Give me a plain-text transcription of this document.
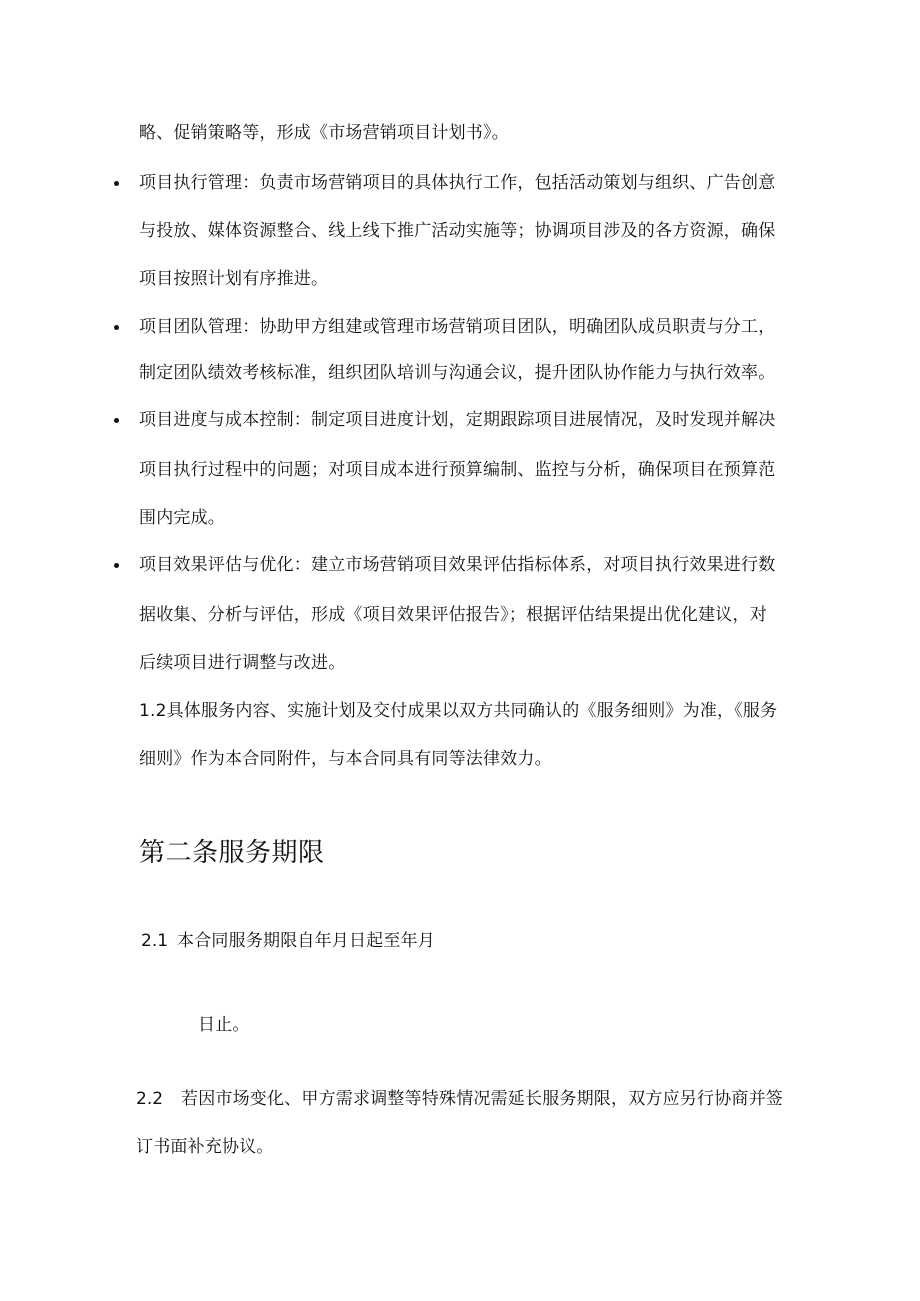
略、促销策略等，形成《市场营销项目计划书》。
项目执行管理：负责市场营销项目的具体执行工作，包括活动策划与组织、广告创意
与投放、媒体资源整合、线上线下推广活动实施等；协调项目涉及的各方资源，确保
项目按照计划有序推进。
项目团队管理：协助甲方组建或管理市场营销项目团队，明确团队成员职责与分工，
制定团队绩效考核标准，组织团队培训与沟通会议，提升团队协作能力与执行效率。
项目进度与成本控制：制定项目进度计划，定期跟踪项目进展情况，及时发现并解决
项目执行过程中的问题；对项目成本进行预算编制、监控与分析，确保项目在预算范
围内完成。
项目效果评估与优化：建立市场营销项目效果评估指标体系，对项目执行效果进行数
据收集、分析与评估，形成《项目效果评估报告》；根据评估结果提出优化建议，对
后续项目进行调整与改进。
1.2具体服务内容、实施计划及交付成果以双方共同确认的《服务细则》为准，《服务
细则》作为本合同附件，与本合同具有同等法律效力。
第二条服务期限
2.1 本合同服务期限自年月日起至年月
日止。
2.2 若因市场变化、甲方需求调整等特殊情况需延长服务期限，双方应另行协商并签
订书面补充协议。
